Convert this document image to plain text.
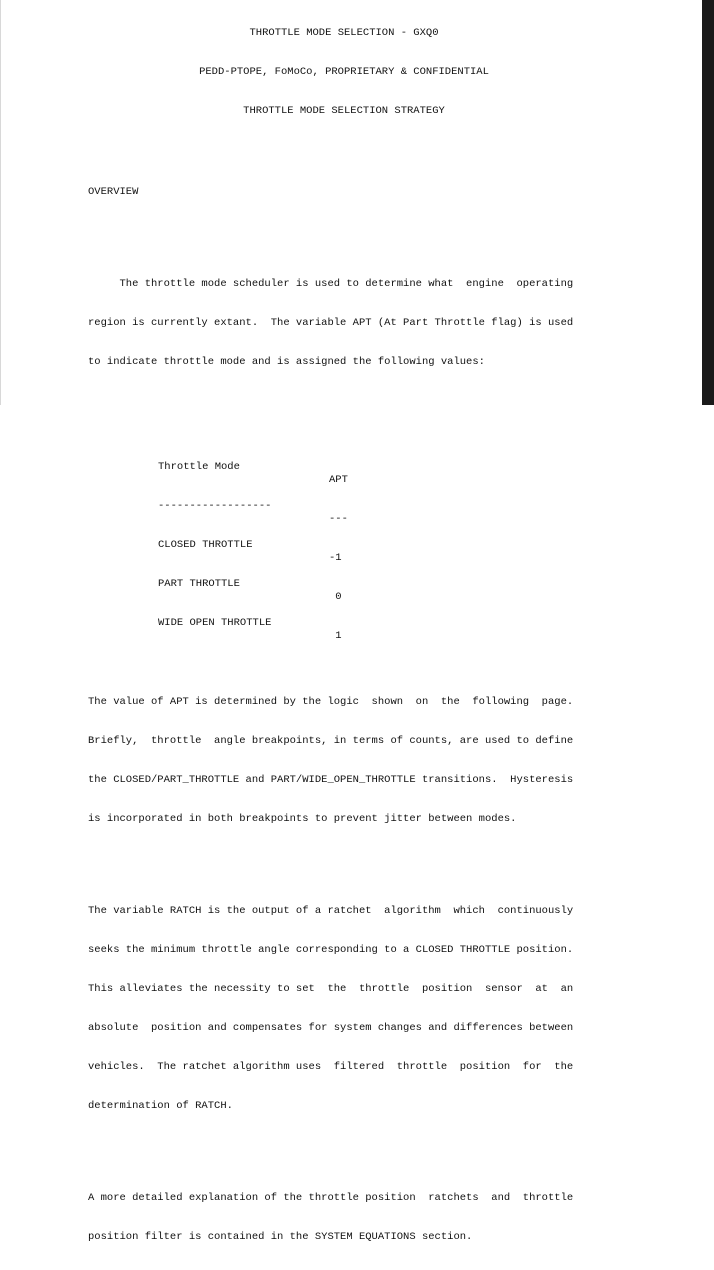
THROTTLE MODE SELECTION - GXQ0

PEDD-PTOPE, FoMoCo, PROPRIETARY & CONFIDENTIAL

THROTTLE MODE SELECTION STRATEGY

OVERVIEW

The throttle mode scheduler is used to determine what  engine  operating

region is currently extant.  The variable APT (At Part Throttle flag) is used

to indicate throttle mode and is assigned the following values:

Throttle Mode

APT

------------------

---

CLOSED THROTTLE

-1

PART THROTTLE

0

WIDE OPEN THROTTLE

1

The value of APT is determined by the logic  shown  on  the  following  page.

Briefly,  throttle  angle breakpoints, in terms of counts, are used to define

the CLOSED/PART_THROTTLE and PART/WIDE_OPEN_THROTTLE transitions.  Hysteresis

is incorporated in both breakpoints to prevent jitter between modes.

The variable RATCH is the output of a ratchet  algorithm  which  continuously

seeks the minimum throttle angle corresponding to a CLOSED THROTTLE position.

This alleviates the necessity to set  the  throttle  position  sensor  at  an

absolute  position and compensates for system changes and differences between

vehicles.  The ratchet algorithm uses  filtered  throttle  position  for  the

determination of RATCH.

A more detailed explanation of the throttle position  ratchets  and  throttle

position filter is contained in the SYSTEM EQUATIONS section.
